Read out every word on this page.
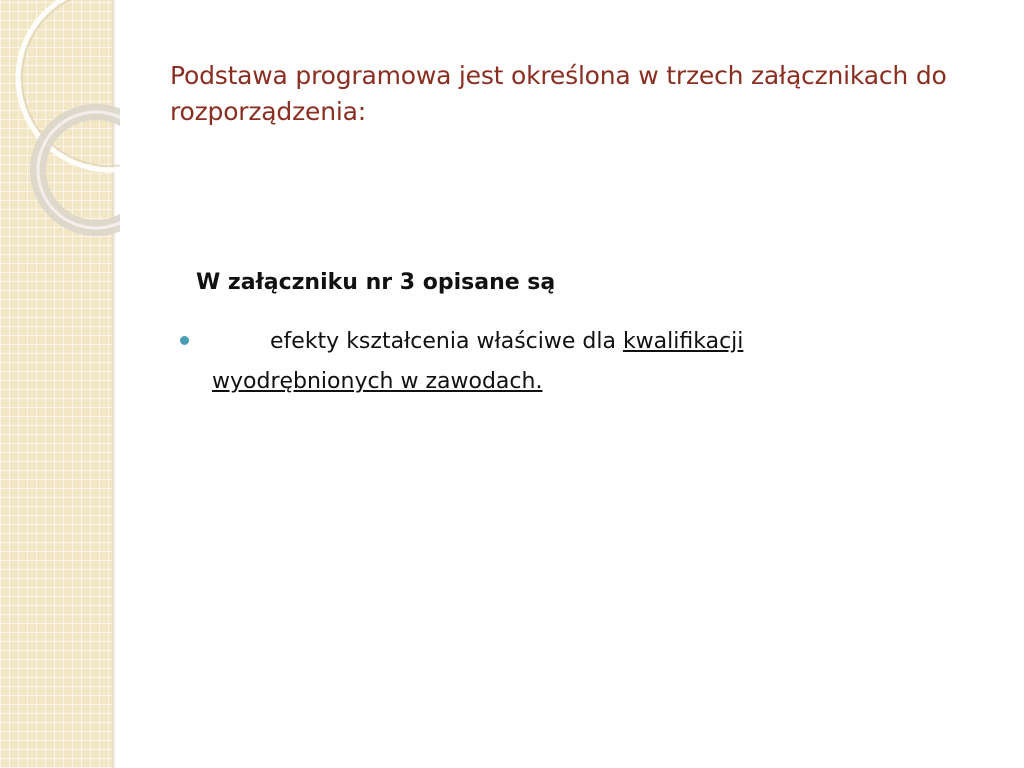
Podstawa programowa jest określona w trzech załącznikach do rozporządzenia:

W załączniku nr 3 opisane są

efekty kształcenia właściwe dla kwalifikacji wyodrębnionych w zawodach.
